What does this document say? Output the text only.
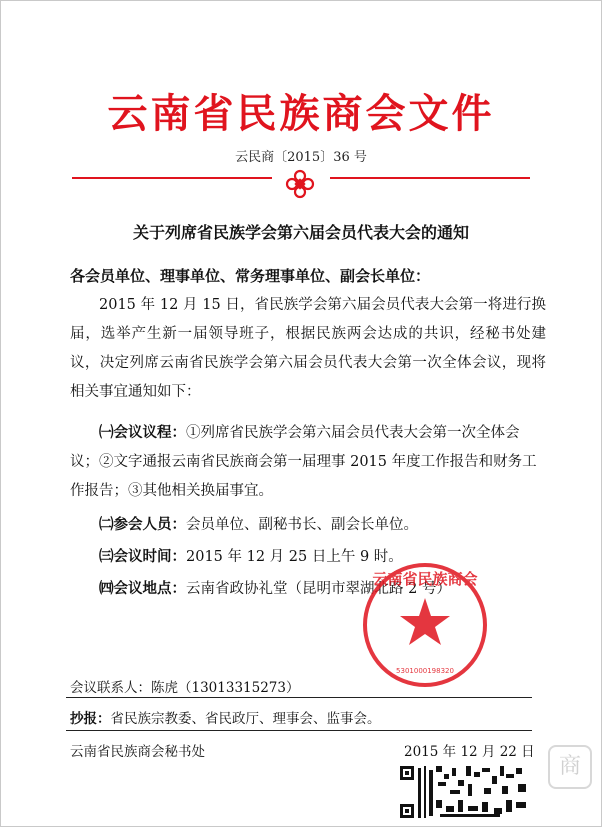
云南省民族商会文件
云民商〔2015〕36 号
关于列席省民族学会第六届会员代表大会的通知
各会员单位、理事单位、常务理事单位、副会长单位：
2015 年 12 月 15 日，省民族学会第六届会员代表大会第一将进行换届，选举产生新一届领导班子，根据民族两会达成的共识，经秘书处建议，决定列席云南省民族学会第六届会员代表大会第一次全体会议，现将相关事宜通知如下：
㈠会议议程：①列席省民族学会第六届会员代表大会第一次全体会议；②文字通报云南省民族商会第一届理事 2015 年度工作报告和财务工作报告；③其他相关换届事宜。
㈡参会人员：会员单位、副秘书长、副会长单位。
㈢会议时间：2015 年 12 月 25 日上午 9 时。
㈣会议地点：云南省政协礼堂（昆明市翠湖北路 2 号）
云南省民族商会
5301000198320
会议联系人：陈虎（13013315273）
抄报：省民族宗教委、省民政厅、理事会、监事会。
云南省民族商会秘书处	2015 年 12 月 22 日
商
